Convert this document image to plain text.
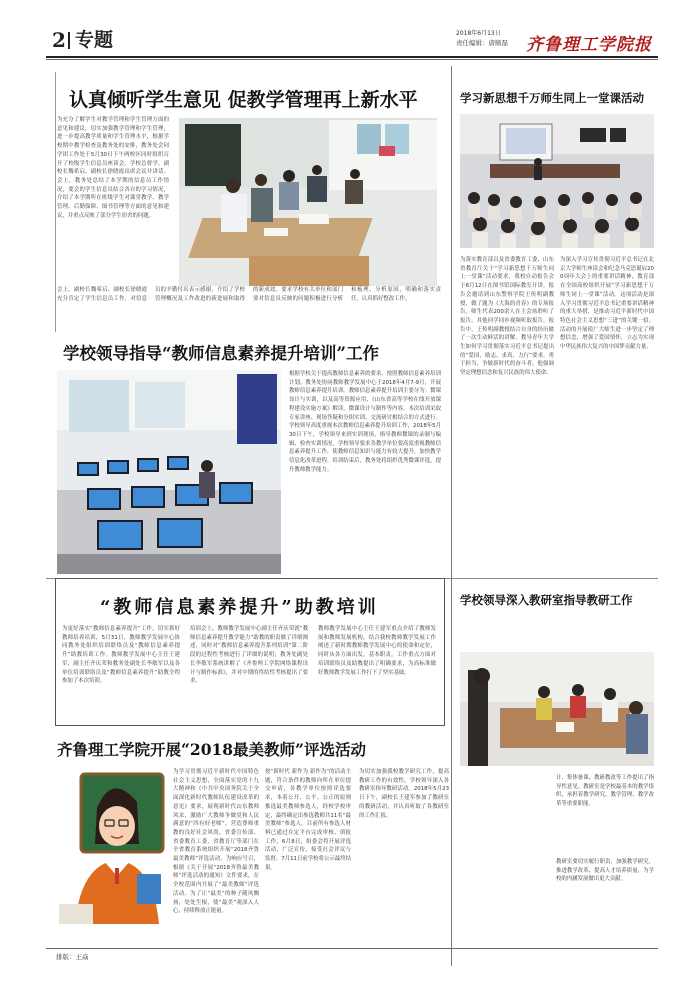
2 专题	2018年6月13日
责任编辑：唐顺磊 齐鲁理工学院报
认真倾听学生意见 促教学管理再上新水平
为充分了解学生对教学管理和学生管理方面的意见和建议，切实加强教学管理和学生管理，进一步提高教学质量和学生管理水平，根据学校期中教学检查及教务处的安排，教务处会同学团工作处于5月30日下午两校区同时组织召开了校级学生信息员座谈会。学校总督学、副校长魏希启、副校长徐晓霞出席会议并讲话。会上，教务处总结了本学期的信息员工作情况，要会的学生信息员结合各自的学习情况，介绍了本学期所在班级学生对课堂教学、教学管理、后勤保障、图书管理等方面的意见和建议，并重点反映了部分学生宿舍的问题。
会上，副校长魏希启、副校长徐晓霞充分肯定了学生信息员工作，对信息员的辛勤付出表示感谢，介绍了学校管理概况及工作改进的新进展和取得的新成效。要求学校有关单位和部门要对信息员反映的问题积极进行分析和梳理，分析原因，明确和落实责任，认真抓好整改工作。
学校领导指导“教师信息素养提升培训”工作
根据学校关于提高教师信息素养的要求，按照教师信息素养培训计划，教务处协同教师教学发展中心于2018年4月7-9月，开展教师信息素养提升培训。教师信息素养提升培训主要分为：微课设计与实训，以及高等资源应用、《山东省高等学校在线开放课程建设实施方案》解读，微课设计与制作等内容。本次培训采取专家讲座、现场答疑和分组实训、交流研讨相结合的方式进行。学校领导高度重视本次教师信息素养提升培训工作，2018年5月30日下午，学校领导来到实训现场，指导教师微课的录制与编辑，检查实训情况。学校领导要求各教学单位要高度重视教师信息素养提升工作，使教师信息知识与能力有较大提升，加快教学信息化改革进程。培训结束后，教务处将组织优秀微课评选，提升教师教学能力。
学习新思想千万师生同上一堂课活动
为落实教育部以及省委教育工委、山东省教育厅关于“学习新思想千万师生同上一堂课”活动要求，我校自动报告会于6月12日在图书馆国际教室开讲。报告会邀请到山东警察学院王传明副教授，做了题为《大海的青春》的专场报告。师生代表200余人在主会场聆听了报告，其他同学同步视频听取报告。报告中，王传明副教授结合自身的经历做了一次生动鲜活的讲解。教导青年大学生如何学习贯彻落实习近平总书记提出的“爱国、励志、求真、力行”要求，勇于担当，争做新时代的奋斗者。他强调坚定理想信念和复兴民族的伟大使命。
为深入学习宣传贯彻习近平总书记在北京大学师生座谈会和纪念马克思诞辰200周年大会上的重要讲话精神，教育部在全国高校组织开展“学习新思想千万师生同上一堂课”活动。这项活动是深入学习贯彻习近平总书记重要讲话精神的重大举措，是推动习近平新时代中国特色社会主义思想“三进”的关键一招。活动的开展使广大师生进一步坚定了理想信念，增强了爱国情怀，立志为实现中华民族伟大复兴的中国梦贡献力量。
“教师信息素养提升”助教培训
为更好落实“教师信息素养提升”工作，切实抓好教师培养培训，5月31日，教师教学发展中心协同教务处组织培训联络员及“教师信息素养提升”助教培训工作。教师教学发展中心主任王建军、副主任齐庆荣和教务处副处长李敏军以及各单位培训联络员及“教师信息素养提升”助教全程参加了本次培训。
培训会上，教师教学发展中心副主任齐庆荣就“教师信息素养提升教学能力”助教的职责做了详细阐述，同时对“教师信息素养提升系列培训”第二阶段的过程性考核进行了详细的说明；教务处副处长李敏军系统讲解了《齐鲁理工学院网络课程设计与制作标准》，并对中期的终结性考核提出了要求。
教师教学发展中心主任王建军重点介绍了教师发展和教师发展机构，结合我校教师教学发展工作阐述了新时期教师教学发展中心的使命和定位，同时从各方面出发，基本职责，工作重点方面对培训联络员及助教提出了明确要求，为高标准做好教师教学发展工作打下了坚实基础。
学校领导深入教研室指导教研工作
齐鲁理工学院开展“2018最美教师”评选活动
为学习贯彻习近平新时代中国特色社会主义思想，全面落实党的十九大精神和《中共中央国务院关于全面深化新时代教师队伍建设改革的意见》要求，展现新时代山东教师风采，激励广大教师争做党和人民满意的“四有好老师”，营造尊师重教的良好社会风尚，省委宣传部、省委教育工委、省教育厅等部门在全省教育系统组织开展“2018齐鲁最美教师”评选活动。为响应号召，根据《关于开展“2018齐鲁最美教师”评选活动的通知》文件要求，在全校范围内开展了“最美教师”评选活动。为了让“最美”的种子随风飘扬，处处生根，使“最美”观深入人心，持续释放正能量。
按“新时代 新作为 新作为”的活动主题，符合条件的教师向所在单位提交申请，各教学单位按照评选要求，本着公开、公平、公正的原则推选最美教师参选人，经校学校审定，最终确定出参选教师共11名“最美教师”参选人。目前所有参选人材料已通过在定平台完成审核、填报工作，6月8日，组委会将开展评选活动，广泛宣传，接受社会评议与监督。7月11日前学校将公示最终结果。
为切实加强我校教学研究工作，提高教研工作的有效性，学校领导深入各教研室指导教研活动。2018年5月23日下午，副校长王建军参加了教研室的教研活动，并认真听取了各教研室的工作汇报。
计、集体备课、教研教改等工作提出了指导性意见。教研室是学校最基本的教学组织，承担着教学研究、教学管理、教学改革等重要职能。
教研室要切实履行职责，加强教学研究，推进教学改革，提高人才培养质量，为学校的内涵发展做出更大贡献。
排版：王焱
